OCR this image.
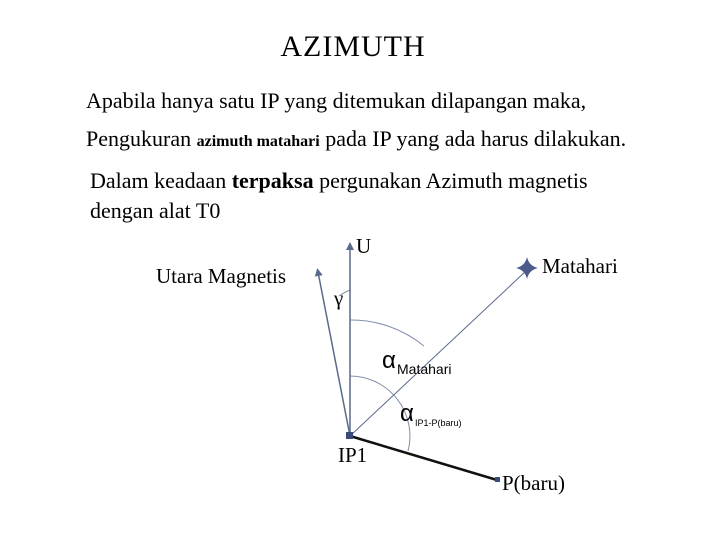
AZIMUTH
Apabila hanya satu IP yang ditemukan dilapangan maka,
Pengukuran azimuth matahari pada IP yang ada harus dilakukan.
Dalam keadaan terpaksa pergunakan Azimuth magnetis
dengan alat T0
U
Utara Magnetis	Matahari
γ
α Matahari
α IP1-P(baru)
IP1
P(baru)
